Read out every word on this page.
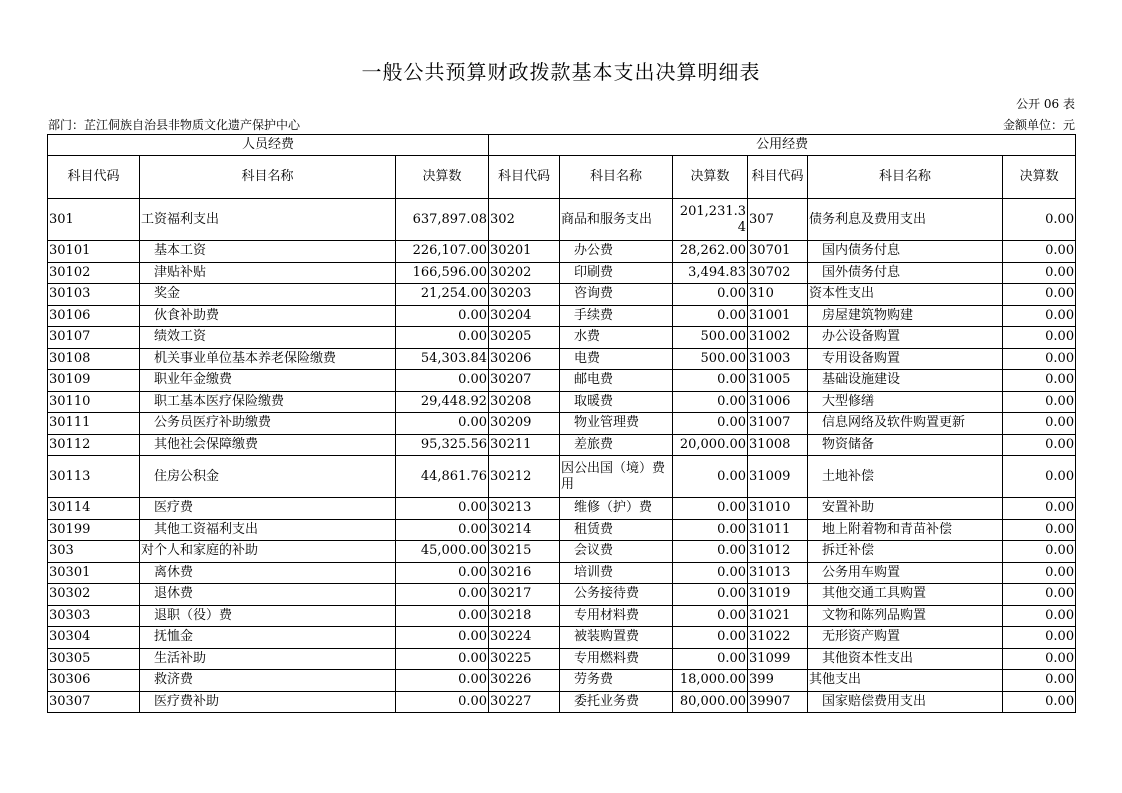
一般公共预算财政拨款基本支出决算明细表
公开 06 表
部门：芷江侗族自治县非物质文化遗产保护中心	金额单位：元
人员经费			公用经费					
科目代码	科目名称	决算数	科目代码	科目名称	决算数	科目代码	科目名称	决算数
301	工资福利支出	637,897.08	302	商品和服务支出	201,231.34	307	债务利息及费用支出	0.00
30101	基本工资	226,107.00	30201	办公费	28,262.00	30701	国内债务付息	0.00
30102	津贴补贴	166,596.00	30202	印刷费	3,494.83	30702	国外债务付息	0.00
30103	奖金	21,254.00	30203	咨询费	0.00	310	资本性支出	0.00
30106	伙食补助费	0.00	30204	手续费	0.00	31001	房屋建筑物购建	0.00
30107	绩效工资	0.00	30205	水费	500.00	31002	办公设备购置	0.00
30108	机关事业单位基本养老保险缴费	54,303.84	30206	电费	500.00	31003	专用设备购置	0.00
30109	职业年金缴费	0.00	30207	邮电费	0.00	31005	基础设施建设	0.00
30110	职工基本医疗保险缴费	29,448.92	30208	取暖费	0.00	31006	大型修缮	0.00
30111	公务员医疗补助缴费	0.00	30209	物业管理费	0.00	31007	信息网络及软件购置更新	0.00
30112	其他社会保障缴费	95,325.56	30211	差旅费	20,000.00	31008	物资储备	0.00
30113	住房公积金	44,861.76	30212	因公出国（境）费用	0.00	31009	土地补偿	0.00
30114	医疗费	0.00	30213	维修（护）费	0.00	31010	安置补助	0.00
30199	其他工资福利支出	0.00	30214	租赁费	0.00	31011	地上附着物和青苗补偿	0.00
303	对个人和家庭的补助	45,000.00	30215	会议费	0.00	31012	拆迁补偿	0.00
30301	离休费	0.00	30216	培训费	0.00	31013	公务用车购置	0.00
30302	退休费	0.00	30217	公务接待费	0.00	31019	其他交通工具购置	0.00
30303	退职（役）费	0.00	30218	专用材料费	0.00	31021	文物和陈列品购置	0.00
30304	抚恤金	0.00	30224	被装购置费	0.00	31022	无形资产购置	0.00
30305	生活补助	0.00	30225	专用燃料费	0.00	31099	其他资本性支出	0.00
30306	救济费	0.00	30226	劳务费	18,000.00	399	其他支出	0.00
30307	医疗费补助	0.00	30227	委托业务费	80,000.00	39907	国家赔偿费用支出	0.00
